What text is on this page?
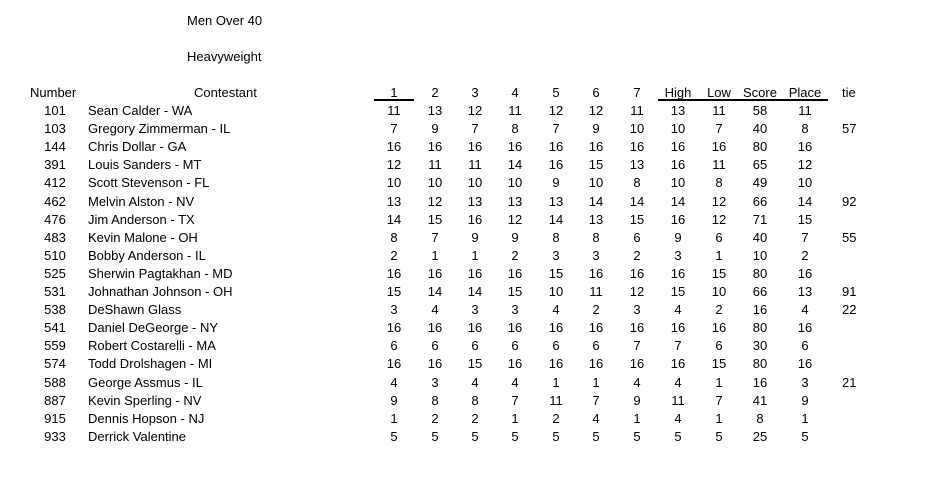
Men Over 40
Heavyweight
Number	Contestant	1	2	3	4	5	6	7	High	Low Score Place	tie
101 Sean Calder - WA	11 13 12 11 12 12 11	13	11	58	11
103 Gregory Zimmerman - IL	7	9	7	8	7	9	10	10	7	40	8	57
144 Chris Dollar - GA	16 16 16 16 16 16 16	16	16	80	16
391 Louis Sanders - MT	12 11 11 14 16 15 13	16	11	65	12
412 Scott Stevenson - FL	10 10 10 10	9	10	8	10	8	49	10
462 Melvin Alston - NV	13 12 13 13 13 14 14	14	12	66	14	92
476 Jim Anderson - TX	14 15 16 12 14 13 15	16	12	71	15
483 Kevin Malone - OH	8	7	9	9	8	8	6	9	6	40	7	55
510 Bobby Anderson - IL	2	1	1	2	3	3	2	3	1	10	2
525 Sherwin Pagtakhan - MD	16 16 16 16 15 16 16	16	15	80	16
531 Johnathan Johnson - OH	15 14 14 15 10 11 12	15	10	66	13	91
538 DeShawn Glass	3	4	3	3	4	2	3	4	2	16	4	22
541 Daniel DeGeorge - NY	16 16 16 16 16 16 16	16	16	80	16
559 Robert Costarelli - MA	6	6	6	6	6	6	7	7	6	30	6
574 Todd Drolshagen - MI	16 16 15 16 16 16 16	16	15	80	16
588 George Assmus - IL	4	3	4	4	1	1	4	4	1	16	3	21
887 Kevin Sperling - NV	9	8	8	7	11	7	9	11	7	41	9
915 Dennis Hopson - NJ	1	2	2	1	2	4	1	4	1	8	1
933 Derrick Valentine	5	5	5	5	5	5	5	5	5	25	5
